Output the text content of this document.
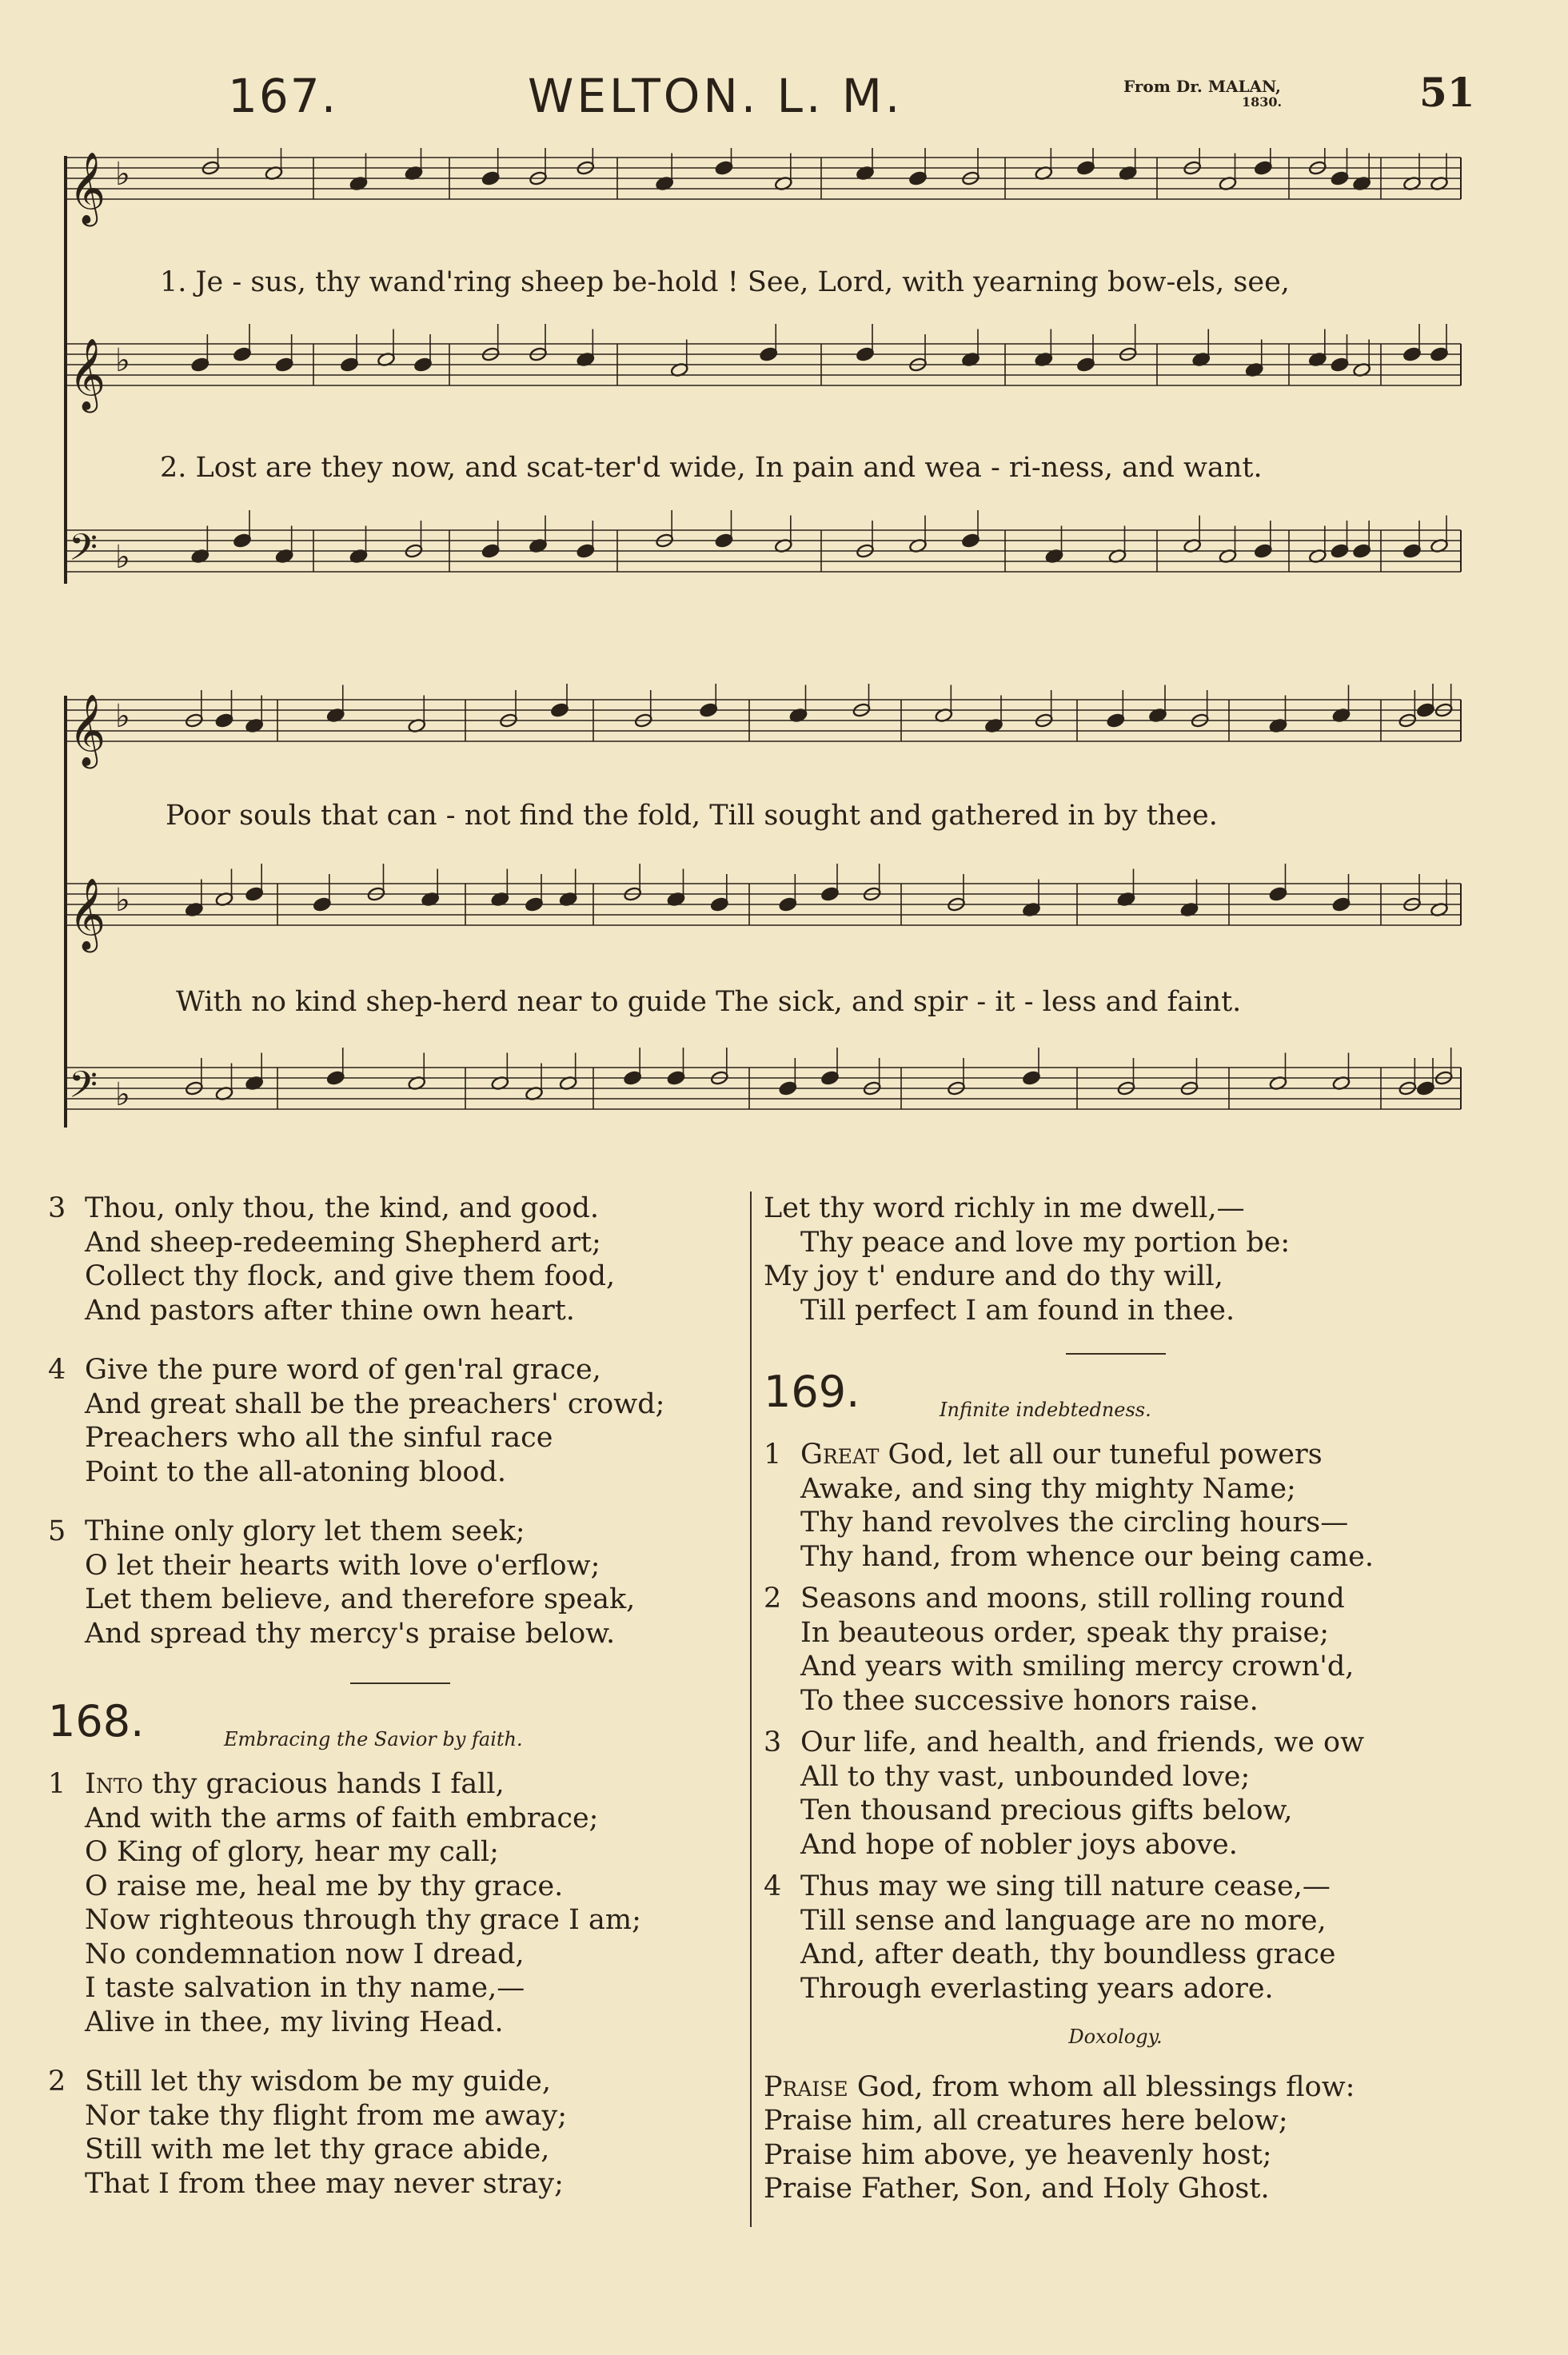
167.	WELTON. L. M.	From Dr. MALAN,
1830.	51
𝄞 ♭
𝄞 ♭
𝄢 ♭
1. Je - sus, thy wand'ring sheep be-hold ! See, Lord, with yearning bow-els, see,
2. Lost are they now, and scat-ter'd wide, In pain and wea - ri-ness, and want.
𝄞 ♭
𝄞 ♭
𝄢 ♭
Poor souls that can - not find the fold, Till sought and gathered in by thee.
With no kind shep-herd near to guide The sick, and spir - it - less and faint.
3 Thou, only thou, the kind, and good.
And sheep-redeeming Shepherd art;
Collect thy flock, and give them food,
And pastors after thine own heart.
4 Give the pure word of gen'ral grace,
And great shall be the preachers' crowd;
Preachers who all the sinful race
Point to the all-atoning blood.
5 Thine only glory let them seek;
O let their hearts with love o'erflow;
Let them believe, and therefore speak,
And spread thy mercy's praise below.
168.	Embracing the Savior by faith.
1 Into thy gracious hands I fall,
And with the arms of faith embrace;
O King of glory, hear my call;
O raise me, heal me by thy grace.
Now righteous through thy grace I am;
No condemnation now I dread,
I taste salvation in thy name,—
Alive in thee, my living Head.
2 Still let thy wisdom be my guide,
Nor take thy flight from me away;
Still with me let thy grace abide,
That I from thee may never stray;
Let thy word richly in me dwell,—
Thy peace and love my portion be:
My joy t' endure and do thy will,
Till perfect I am found in thee.
169.	Infinite indebtedness.
1 Great God, let all our tuneful powers
Awake, and sing thy mighty Name;
Thy hand revolves the circling hours—
Thy hand, from whence our being came.
2 Seasons and moons, still rolling round
In beauteous order, speak thy praise;
And years with smiling mercy crown'd,
To thee successive honors raise.
3 Our life, and health, and friends, we ow
All to thy vast, unbounded love;
Ten thousand precious gifts below,
And hope of nobler joys above.
4 Thus may we sing till nature cease,—
Till sense and language are no more,
And, after death, thy boundless grace
Through everlasting years adore.
Doxology.
Praise God, from whom all blessings flow:
Praise him, all creatures here below;
Praise him above, ye heavenly host;
Praise Father, Son, and Holy Ghost.
